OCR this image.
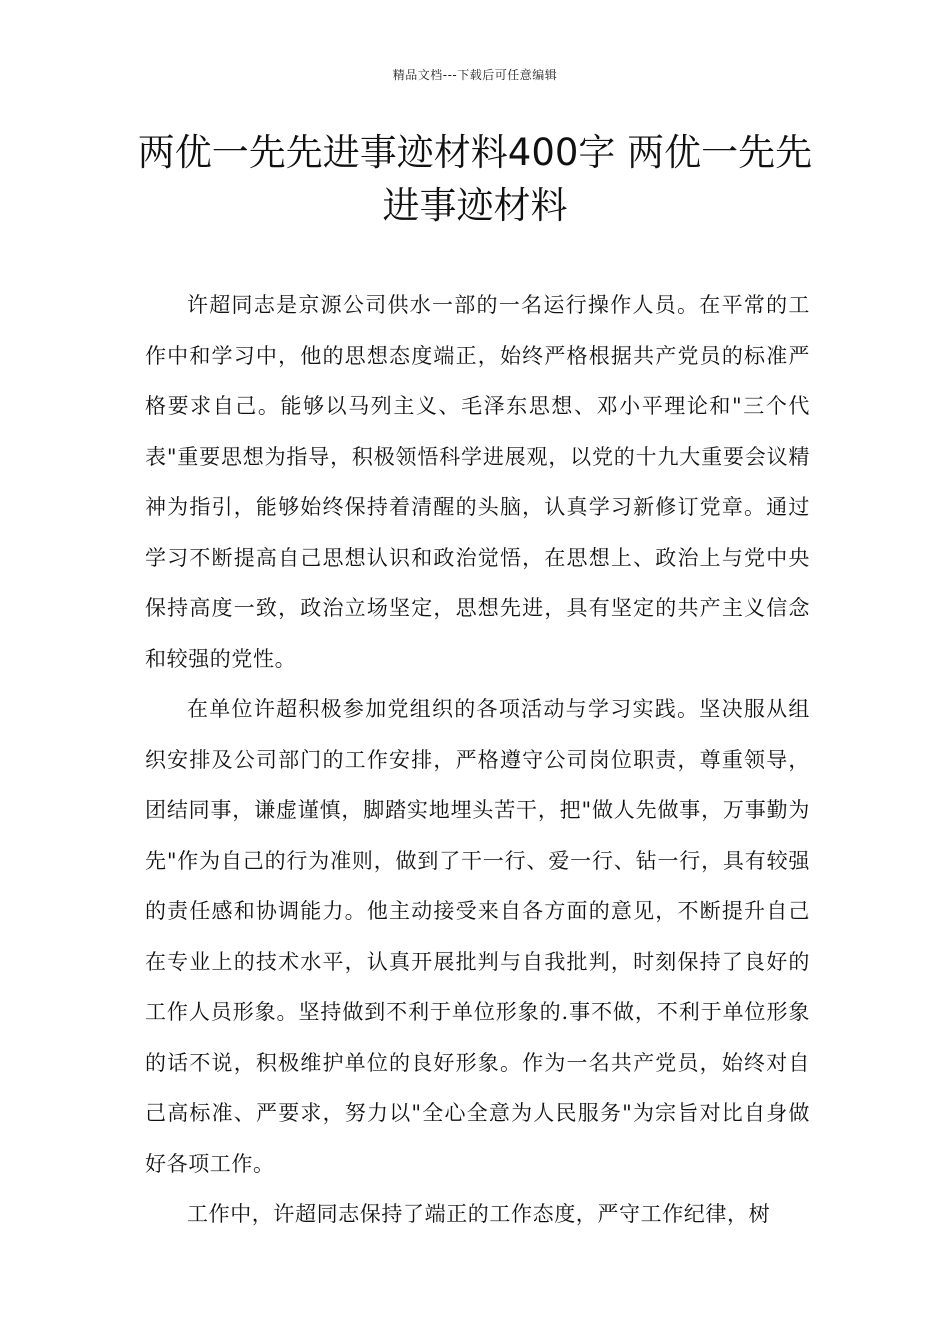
精品文档---下载后可任意编辑
两优一先先进事迹材料400字 两优一先先进事迹材料

许超同志是京源公司供水一部的一名运行操作人员。在平常的工作中和学习中，他的思想态度端正，始终严格根据共产党员的标准严格要求自己。能够以马列主义、毛泽东思想、邓小平理论和"三个代表"重要思想为指导，积极领悟科学进展观，以党的十九大重要会议精神为指引，能够始终保持着清醒的头脑，认真学习新修订党章。通过学习不断提高自己思想认识和政治觉悟，在思想上、政治上与党中央保持高度一致，政治立场坚定，思想先进，具有坚定的共产主义信念和较强的党性。

在单位许超积极参加党组织的各项活动与学习实践。坚决服从组织安排及公司部门的工作安排，严格遵守公司岗位职责，尊重领导，团结同事，谦虚谨慎，脚踏实地埋头苦干，把"做人先做事，万事勤为先"作为自己的行为准则，做到了干一行、爱一行、钻一行，具有较强的责任感和协调能力。他主动接受来自各方面的意见，不断提升自己在专业上的技术水平，认真开展批判与自我批判，时刻保持了良好的工作人员形象。坚持做到不利于单位形象的.事不做，不利于单位形象的话不说，积极维护单位的良好形象。作为一名共产党员，始终对自己高标准、严要求，努力以"全心全意为人民服务"为宗旨对比自身做好各项工作。

工作中，许超同志保持了端正的工作态度，严守工作纪律，树
